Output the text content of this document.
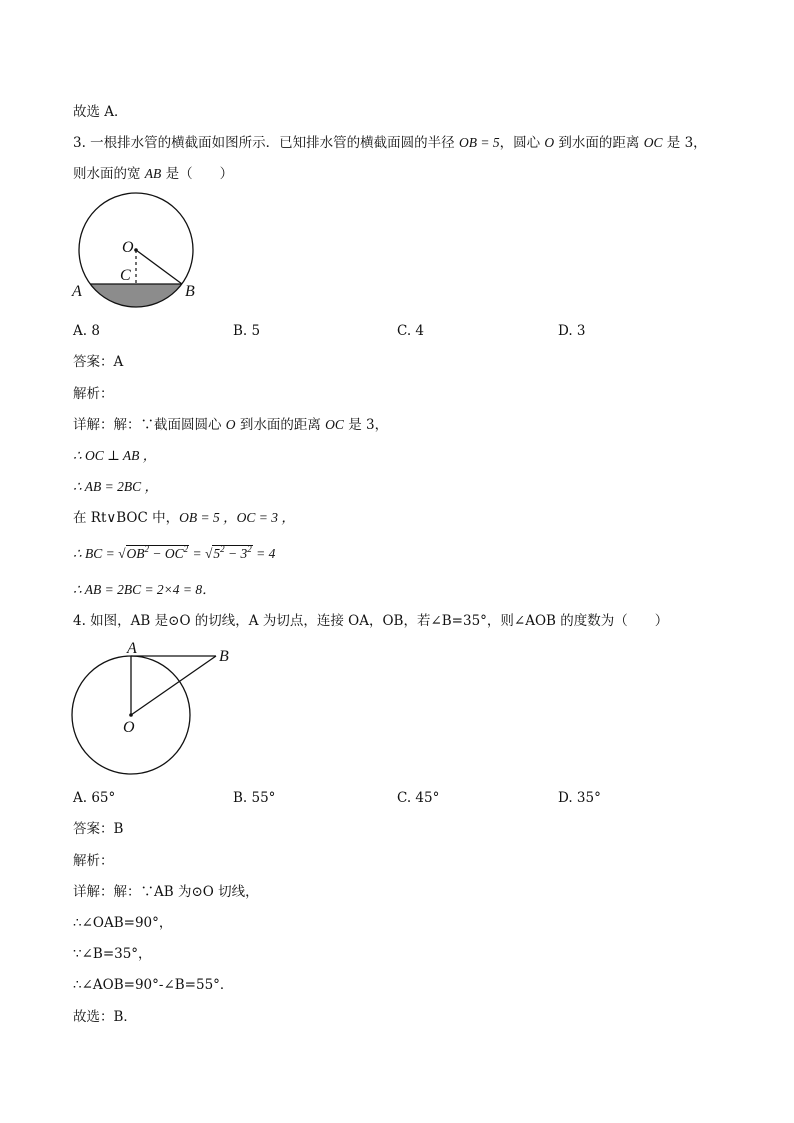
故选 A．
3. 一根排水管的横截面如图所示．已知排水管的横截面圆的半径 OB = 5，圆心 O 到水面的距离 OC 是 3，
则水面的宽 AB 是（　　）
O
C
A	B
A. 8	B. 5	C. 4	D. 3
答案：A
解析：
详解：解：∵截面圆圆心 O 到水面的距离 OC 是 3，
∴ OC ⊥ AB ，
∴ AB = 2BC ，
在 Rt∨BOC 中，OB = 5 ，OC = 3 ，
∴ BC = $√OB^2 - OC^2 = √5^2 - 3^2 = 4$
∴ AB = 2BC = 2×4 = 8．
4. 如图，AB 是⊙O 的切线，A 为切点，连接 OA，OB，若∠B=35°，则∠AOB 的度数为（　　）
A	B
O
A. 65°	B. 55°	C. 45°	D. 35°
答案：B
解析：
详解：解：∵AB 为⊙O 切线，
∴∠OAB=90°，
∵∠B=35°，
∴∠AOB=90°-∠B=55°．
故选：B．
